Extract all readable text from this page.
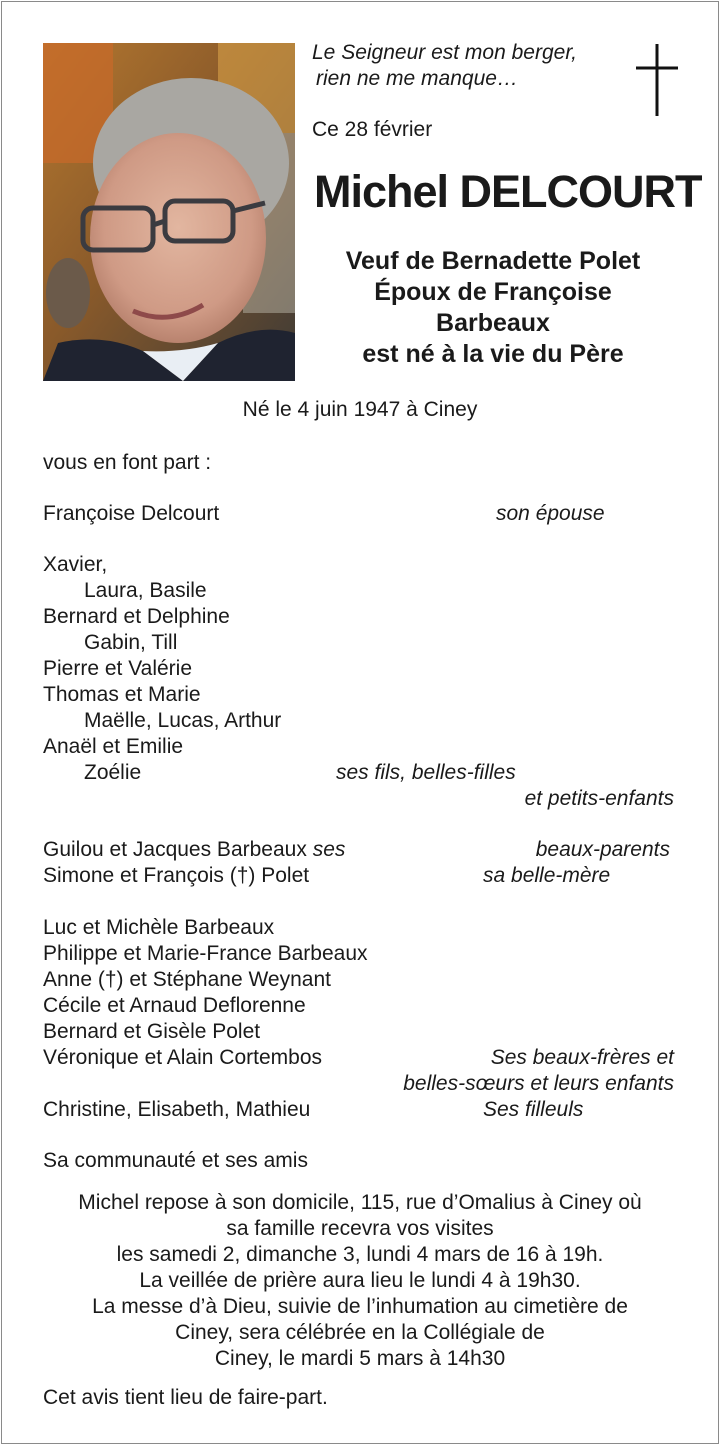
Le Seigneur est mon berger,
rien ne me manque…
Ce 28 février
Michel DELCOURT
Veuf de Bernadette Polet
Époux de Françoise
Barbeaux
est né à la vie du Père
Né le 4 juin 1947 à Ciney
vous en font part :
Françoise Delcourt	son épouse
Xavier,
Laura, Basile
Bernard et Delphine
Gabin, Till
Pierre et Valérie
Thomas et Marie
Maëlle, Lucas, Arthur
Anaël et Emilie
Zoélie	ses fils, belles-filles
et petits-enfants
Guilou et Jacques Barbeaux ses	beaux-parents
Simone et François (†) Polet	sa belle-mère
Luc et Michèle Barbeaux
Philippe et Marie-France Barbeaux
Anne (†) et Stéphane Weynant
Cécile et Arnaud Deflorenne
Bernard et Gisèle Polet
Véronique et Alain Cortembos	Ses beaux-frères et
belles-sœurs et leurs enfants
Christine, Elisabeth, Mathieu	Ses filleuls
Sa communauté et ses amis
Michel repose à son domicile, 115, rue d’Omalius à Ciney où
sa famille recevra vos visites
les samedi 2, dimanche 3, lundi 4 mars de 16 à 19h.
La veillée de prière aura lieu le lundi 4 à 19h30.
La messe d’à Dieu, suivie de l’inhumation au cimetière de
Ciney, sera célébrée en la Collégiale de
Ciney, le mardi 5 mars à 14h30
Cet avis tient lieu de faire-part.
